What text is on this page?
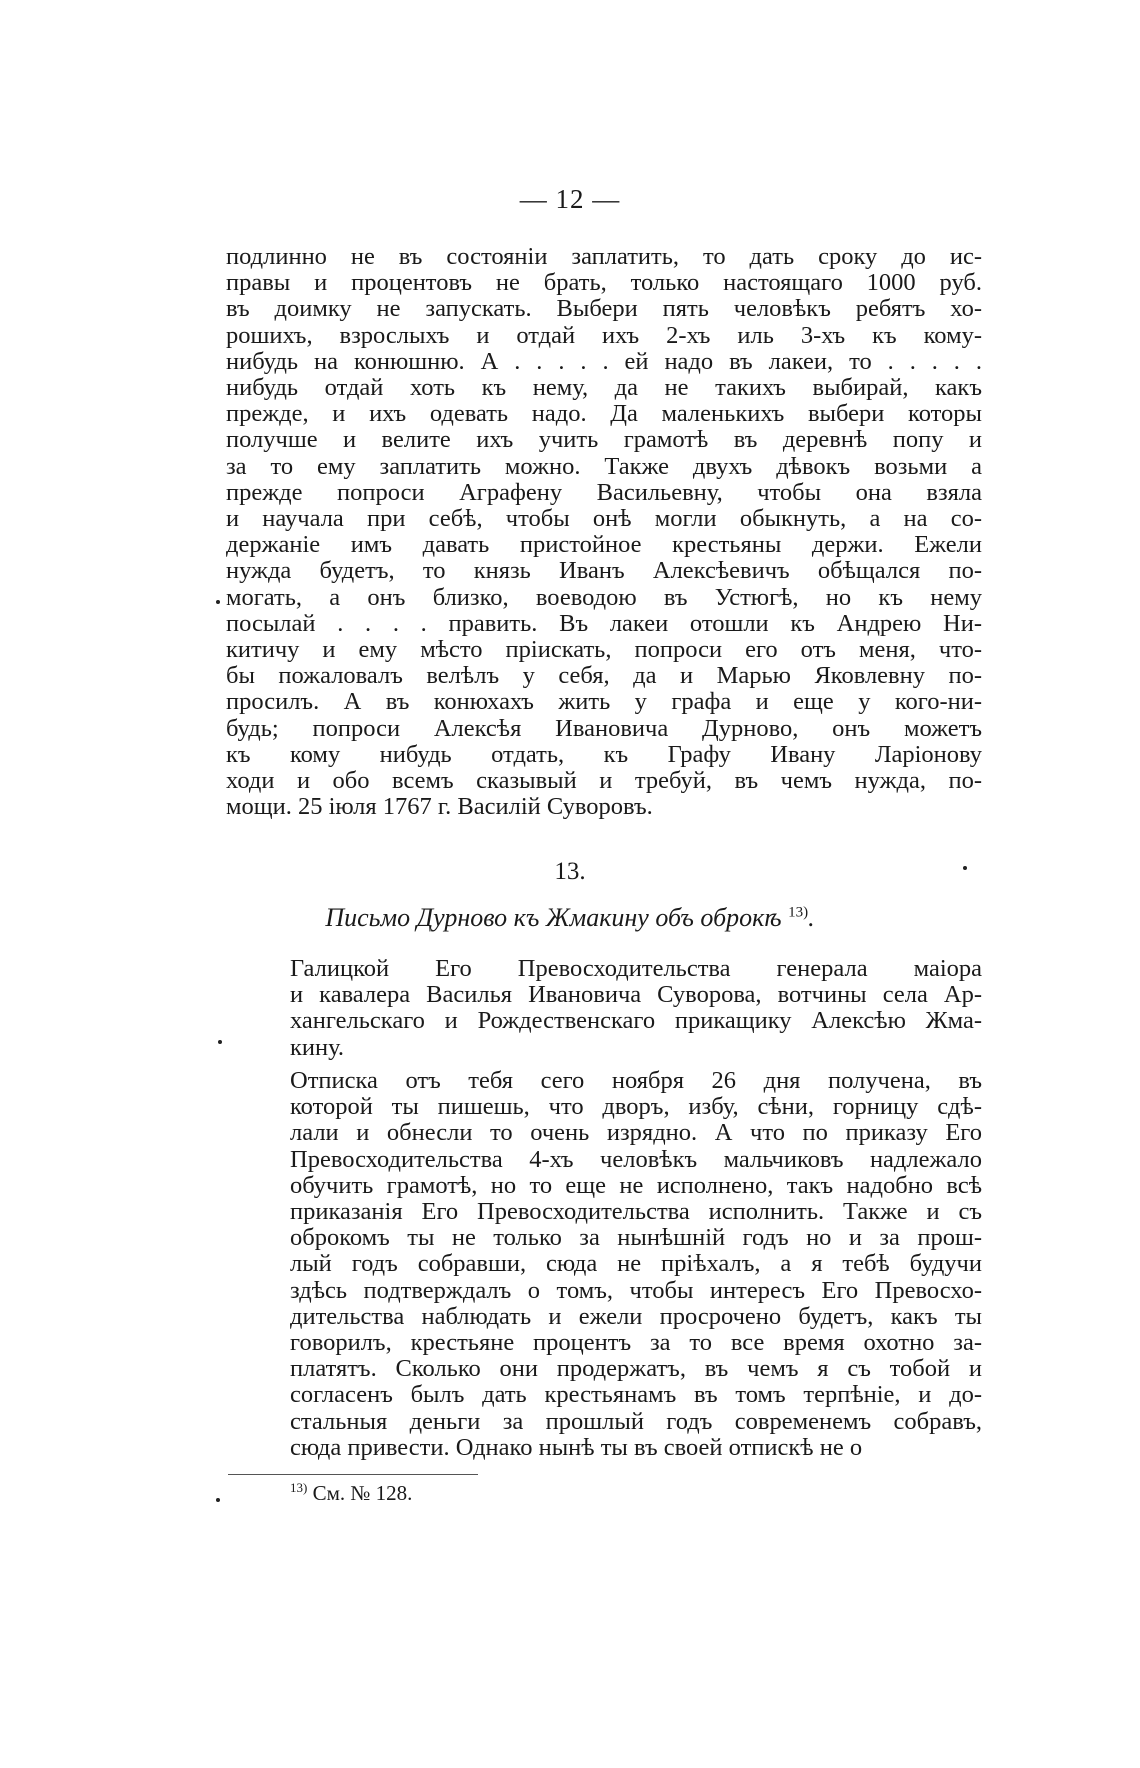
— 12 —

подлинно не въ состоянiи заплатить, то дать сроку до ис-
правы и процентовъ не брать, только настоящаго 1000 руб.
въ доимку не запускать. Выбери пять человѣкъ ребятъ хо-
рошихъ, взрослыхъ и отдай ихъ 2-хъ иль 3-хъ къ кому-
нибудь на конюшню. А . . . . . ей надо въ лакеи, то . . . . .
нибудь отдай хоть къ нему, да не такихъ выбирай, какъ
прежде, и ихъ одевать надо. Да маленькихъ выбери которы
получше и велите ихъ учить грамотѣ въ деревнѣ попу и
за то ему заплатить можно. Также двухъ дѣвокъ возьми а
прежде попроси Аграфену Васильевну, чтобы она взяла
и научала при себѣ, чтобы онѣ могли обыкнуть, а на со-
держанiе имъ давать пристойное крестьяны держи. Ежели
нужда будетъ, то князь Иванъ Алексѣевичъ обѣщался по-
могать, а онъ близко, воеводою въ Устюгѣ, но къ нему
посылай . . . . править. Въ лакеи отошли къ Андрею Ни-
китичу и ему мѣсто прiискать, попроси его отъ меня, что-
бы пожаловалъ велѣлъ у себя, да и Марью Яковлевну по-
просилъ. А въ конюхахъ жить у графа и еще у кого-ни-
будь; попроси Алексѣя Ивановича Дурново, онъ можетъ
къ кому нибудь отдать, къ Графу Ивану Ларiонову
ходи и обо всемъ сказывый и требуй, въ чемъ нужда, по-
мощи. 25 iюля 1767 г. Василiй Суворовъ.

13.
Письмо Дурново къ Жмакину объ оброкѣ $^{13)}$.

Галицкой Его Превосходительства генерала маiора
и кавалера Василья Ивановича Суворова, вотчины села Ар-
хангельскаго и Рождественскаго прикащику Алексѣю Жма-
кину.

Отписка отъ тебя сего ноября 26 дня получена, въ
которой ты пишешь, что дворъ, избу, сѣни, горницу сдѣ-
лали и обнесли то очень изрядно. А что по приказу Его
Превосходительства 4-хъ человѣкъ мальчиковъ надлежало
обучить грамотѣ, но то еще не исполнено, такъ надобно всѣ
приказанiя Его Превосходительства исполнить. Также и съ
оброкомъ ты не только за нынѣшнiй годъ но и за прош-
лый годъ собравши, сюда не прiѣхалъ, а я тебѣ будучи
здѣсь подтверждалъ о томъ, чтобы интересъ Его Превосхо-
дительства наблюдать и ежели просрочено будетъ, какъ ты
говорилъ, крестьяне процентъ за то все время охотно за-
платятъ. Сколько они продержатъ, въ чемъ я съ тобой и
согласенъ былъ дать крестьянамъ въ томъ терпѣнiе, и до-
стальныя деньги за прошлый годъ современемъ собравъ,
сюда привести. Однако нынѣ ты въ своей отпискѣ не о

$^{13)}$ См. № 128.
